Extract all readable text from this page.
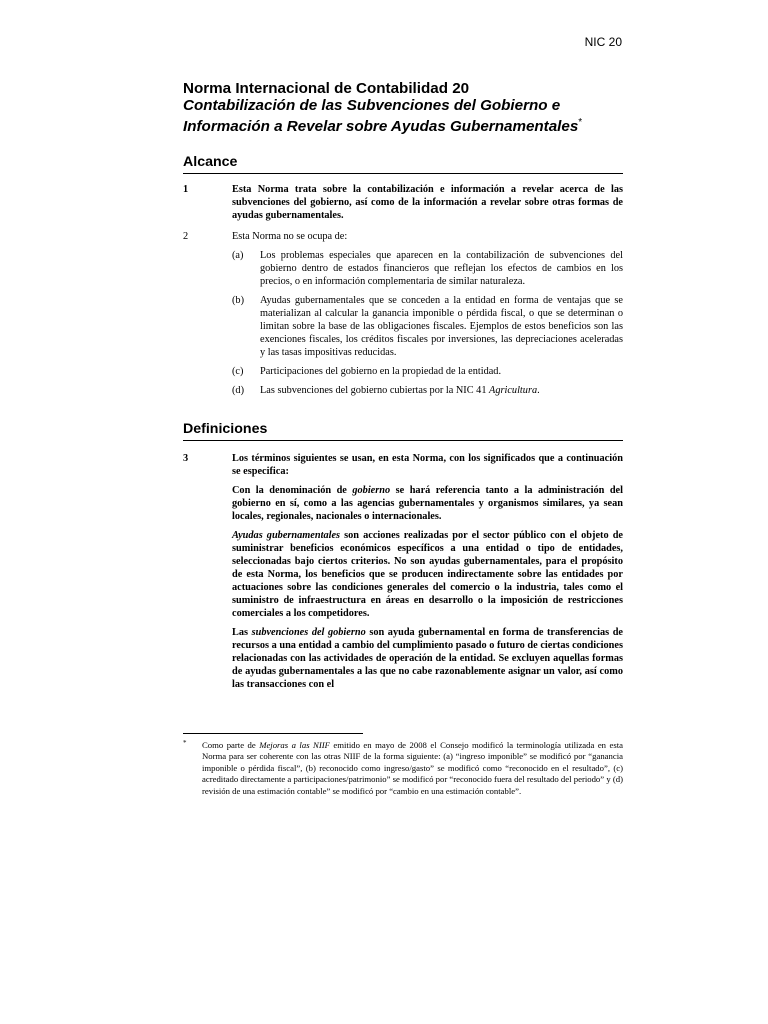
NIC 20
Norma Internacional de Contabilidad 20
Contabilización de las Subvenciones del Gobierno e
Información a Revelar sobre Ayudas Gubernamentales*
Alcance
1	Esta Norma trata sobre la contabilización e información a revelar acerca de las subvenciones del gobierno, así como de la información a revelar sobre otras formas de ayudas gubernamentales.
2	Esta Norma no se ocupa de:
(a) Los problemas especiales que aparecen en la contabilización de subvenciones del gobierno dentro de estados financieros que reflejan los efectos de cambios en los precios, o en información complementaria de similar naturaleza.
(b) Ayudas gubernamentales que se conceden a la entidad en forma de ventajas que se materializan al calcular la ganancia imponible o pérdida fiscal, o que se determinan o limitan sobre la base de las obligaciones fiscales. Ejemplos de estos beneficios son las exenciones fiscales, los créditos fiscales por inversiones, las depreciaciones aceleradas y las tasas impositivas reducidas.
(c) Participaciones del gobierno en la propiedad de la entidad.
(d) Las subvenciones del gobierno cubiertas por la NIC 41 Agricultura.
Definiciones
3	Los términos siguientes se usan, en esta Norma, con los significados que a continuación se especifica:
Con la denominación de gobierno se hará referencia tanto a la administración del gobierno en sí, como a las agencias gubernamentales y organismos similares, ya sean locales, regionales, nacionales o internacionales.
Ayudas gubernamentales son acciones realizadas por el sector público con el objeto de suministrar beneficios económicos específicos a una entidad o tipo de entidades, seleccionadas bajo ciertos criterios. No son ayudas gubernamentales, para el propósito de esta Norma, los beneficios que se producen indirectamente sobre las entidades por actuaciones sobre las condiciones generales del comercio o la industria, tales como el suministro de infraestructura en áreas en desarrollo o la imposición de restricciones comerciales a los competidores.
Las subvenciones del gobierno son ayuda gubernamental en forma de transferencias de recursos a una entidad a cambio del cumplimiento pasado o futuro de ciertas condiciones relacionadas con las actividades de operación de la entidad. Se excluyen aquellas formas de ayudas gubernamentales a las que no cabe razonablemente asignar un valor, así como las transacciones con el
* Como parte de Mejoras a las NIIF emitido en mayo de 2008 el Consejo modificó la terminología utilizada en esta Norma para ser coherente con las otras NIIF de la forma siguiente: (a) “ingreso imponible” se modificó por “ganancia imponible o pérdida fiscal”, (b) reconocido como ingreso/gasto” se modificó como “reconocido en el resultado”, (c) acreditado directamente a participaciones/patrimonio” se modificó por “reconocido fuera del resultado del periodo” y (d) revisión de una estimación contable” se modificó por “cambio en una estimación contable”.
